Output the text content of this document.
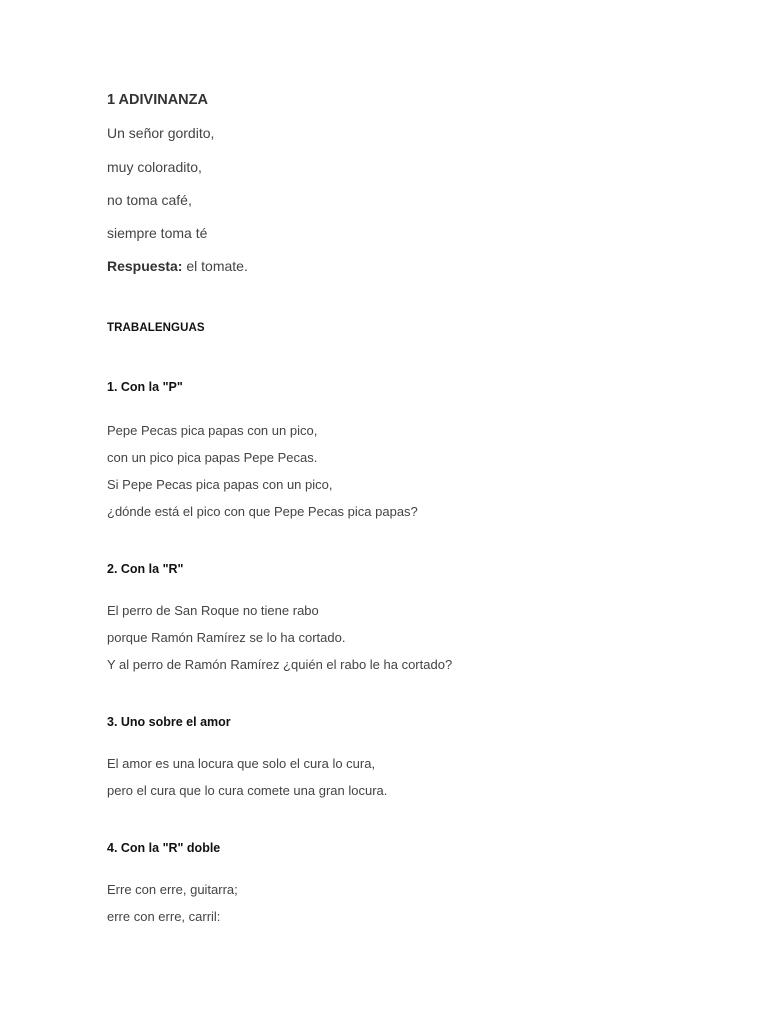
1 ADIVINANZA
Un señor gordito,
muy coloradito,
no toma café,
siempre toma té
Respuesta: el tomate.
TRABALENGUAS
1. Con la "P"
Pepe Pecas pica papas con un pico,
con un pico pica papas Pepe Pecas.
Si Pepe Pecas pica papas con un pico,
¿dónde está el pico con que Pepe Pecas pica papas?
2. Con la "R"
El perro de San Roque no tiene rabo
porque Ramón Ramírez se lo ha cortado.
Y al perro de Ramón Ramírez ¿quién el rabo le ha cortado?
3. Uno sobre el amor
El amor es una locura que solo el cura lo cura,
pero el cura que lo cura comete una gran locura.
4. Con la "R" doble
Erre con erre, guitarra;
erre con erre, carril:
